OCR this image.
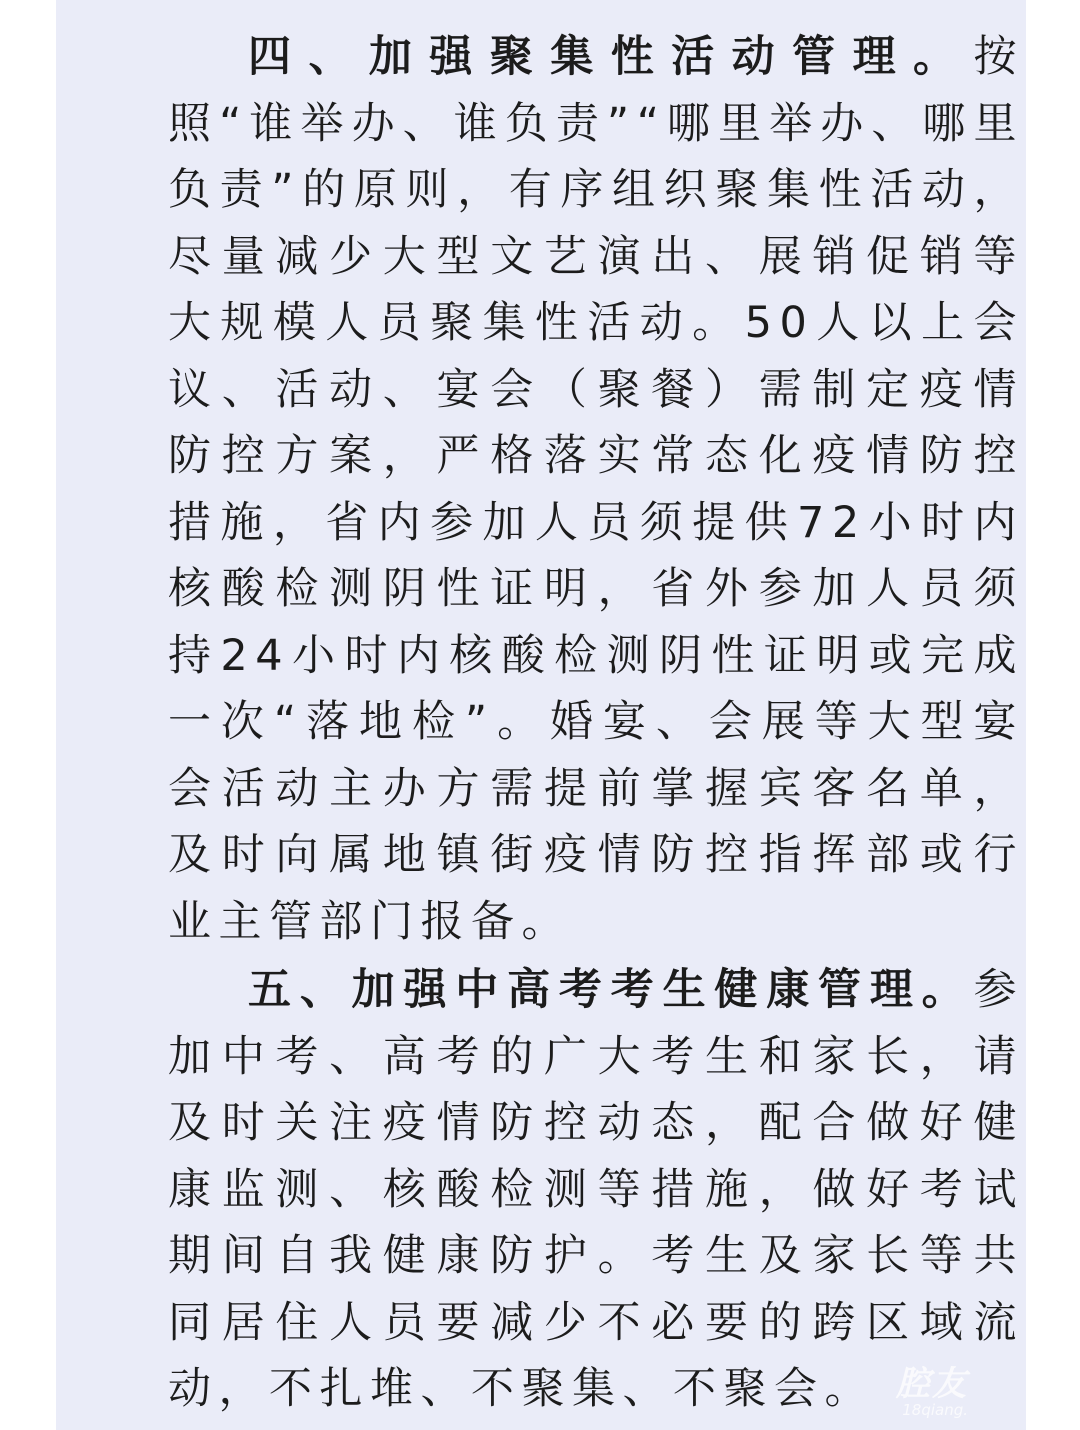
四、加强聚集性活动管理。按照“谁举办、谁负责”“哪里举办、哪里负责”的原则，有序组织聚集性活动，尽量减少大型文艺演出、展销促销等大规模人员聚集性活动。50人以上会议、活动、宴会（聚餐）需制定疫情防控方案，严格落实常态化疫情防控措施，省内参加人员须提供72小时内核酸检测阴性证明，省外参加人员须持24小时内核酸检测阴性证明或完成一次“落地检”。婚宴、会展等大型宴会活动主办方需提前掌握宾客名单，及时向属地镇街疫情防控指挥部或行业主管部门报备。

五、加强中高考考生健康管理。参加中考、高考的广大考生和家长，请及时关注疫情防控动态，配合做好健康监测、核酸检测等措施，做好考试期间自我健康防护。考生及家长等共同居住人员要减少不必要的跨区域流动，不扎堆、不聚集、不聚会。 腔友
18qiang.
